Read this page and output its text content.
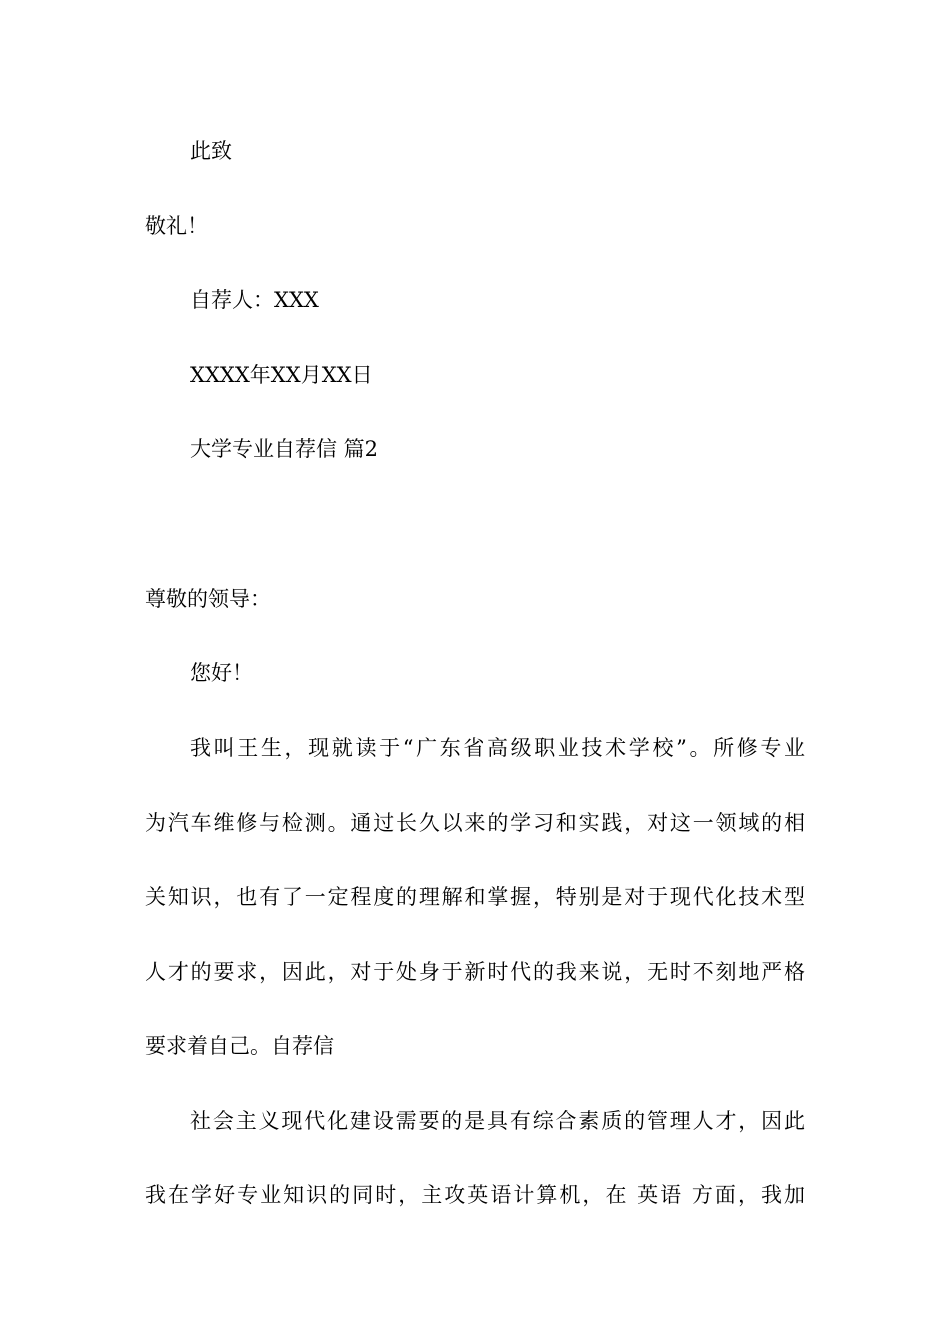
此致
敬礼！
自荐人：XXX
XXXX年XX月XX日
大学专业自荐信 篇2
尊敬的领导：
您好！
我叫王生，现就读于“广东省高级职业技术学校”。所修专业
为汽车维修与检测。通过长久以来的学习和实践，对这一领域的相
关知识，也有了一定程度的理解和掌握，特别是对于现代化技术型
人才的要求，因此，对于处身于新时代的我来说，无时不刻地严格
要求着自己。自荐信
社会主义现代化建设需要的是具有综合素质的管理人才，因此
我在学好专业知识的同时，主攻英语计算机，在 英语 方面，我加
